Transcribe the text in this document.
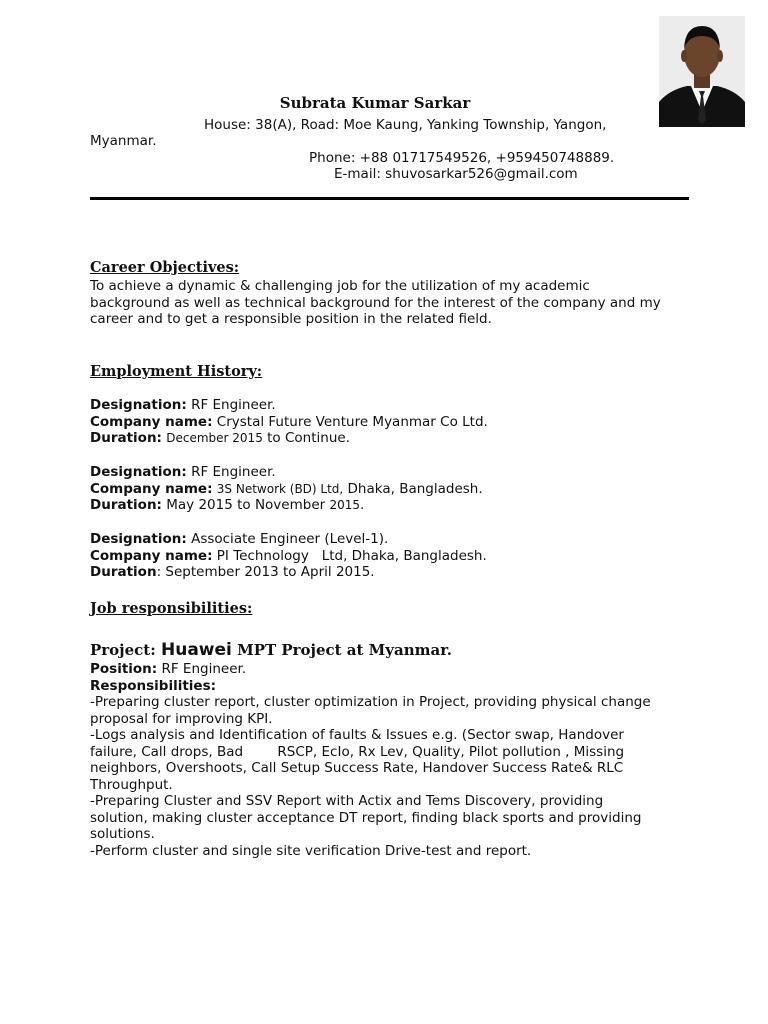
Subrata Kumar Sarkar
House: 38(A), Road: Moe Kaung, Yanking Township, Yangon,
Myanmar.
Phone: +88 01717549526, +959450748889.
E-mail: shuvosarkar526@gmail.com
Career Objectives:
To achieve a dynamic & challenging job for the utilization of my academic
background as well as technical background for the interest of the company and my
career and to get a responsible position in the related field.
Employment History:
Designation: RF Engineer.
Company name: Crystal Future Venture Myanmar Co Ltd.
Duration: December 2015 to Continue.
Designation: RF Engineer.
Company name: 3S Network (BD) Ltd, Dhaka, Bangladesh.
Duration: May 2015 to November 2015.
Designation: Associate Engineer (Level-1).
Company name: PI Technology   Ltd, Dhaka, Bangladesh.
Duration: September 2013 to April 2015.
Job responsibilities:
Project: Huawei MPT Project at Myanmar.
Position: RF Engineer.
Responsibilities:
-Preparing cluster report, cluster optimization in Project, providing physical change
proposal for improving KPI.
-Logs analysis and Identification of faults & Issues e.g. (Sector swap, Handover
failure, Call drops, Bad        RSCP, EcIo, Rx Lev, Quality, Pilot pollution , Missing
neighbors, Overshoots, Call Setup Success Rate, Handover Success Rate& RLC
Throughput.
-Preparing Cluster and SSV Report with Actix and Tems Discovery, providing
solution, making cluster acceptance DT report, finding black sports and providing
solutions.
-Perform cluster and single site verification Drive-test and report.
